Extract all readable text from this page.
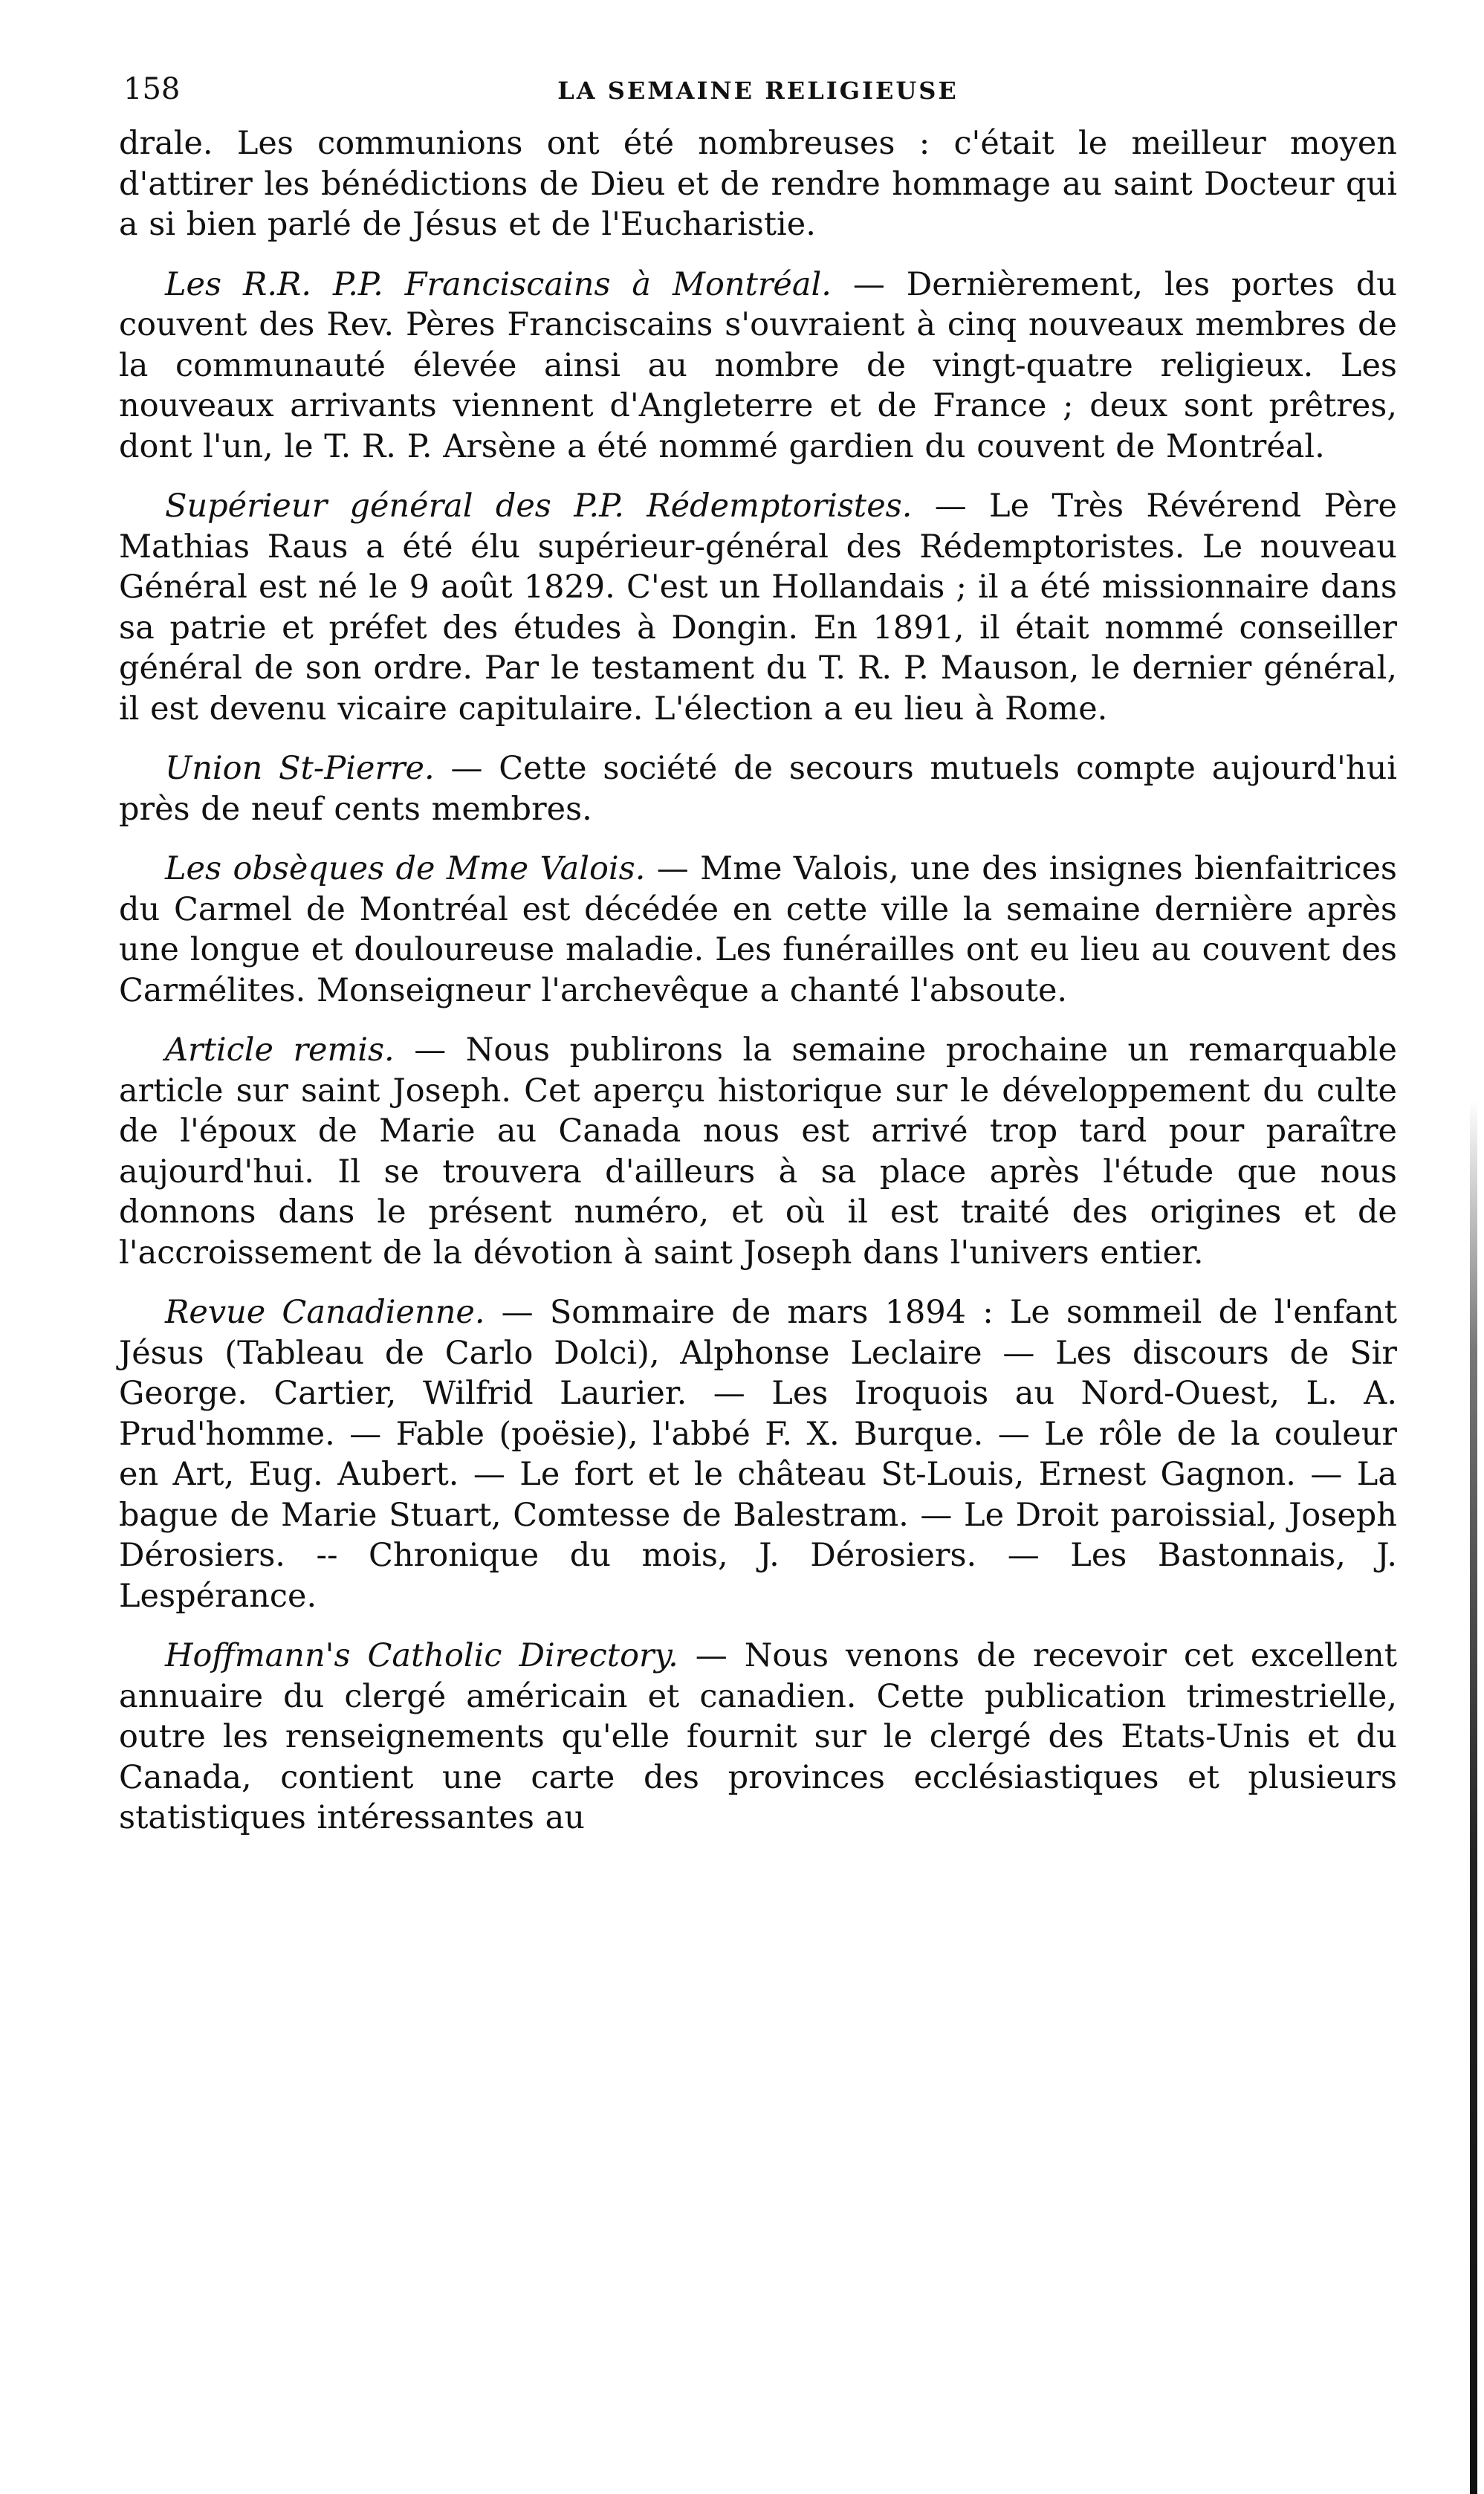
158	LA SEMAINE RELIGIEUSE

drale. Les communions ont été nombreuses : c'était le meilleur moyen d'attirer les bénédictions de Dieu et de rendre hommage au saint Docteur qui a si bien parlé de Jésus et de l'Eucharistie.

Les R.R. P.P. Franciscains à Montréal. — Dernièrement, les portes du couvent des Rev. Pères Franciscains s'ouvraient à cinq nouveaux membres de la communauté élevée ainsi au nombre de vingt-quatre religieux. Les nouveaux arrivants viennent d'Angleterre et de France ; deux sont prêtres, dont l'un, le T. R. P. Arsène a été nommé gardien du couvent de Montréal.

Supérieur général des P.P. Rédemptoristes. — Le Très Révérend Père Mathias Raus a été élu supérieur-général des Rédemptoristes. Le nouveau Général est né le 9 août 1829. C'est un Hollandais ; il a été missionnaire dans sa patrie et préfet des études à Dongin. En 1891, il était nommé conseiller général de son ordre. Par le testament du T. R. P. Mauson, le dernier général, il est devenu vicaire capitulaire. L'élection a eu lieu à Rome.

Union St-Pierre. — Cette société de secours mutuels compte aujourd'hui près de neuf cents membres.

Les obsèques de Mme Valois. — Mme Valois, une des insignes bienfaitrices du Carmel de Montréal est décédée en cette ville la semaine dernière après une longue et douloureuse maladie. Les funérailles ont eu lieu au couvent des Carmélites. Monseigneur l'archevêque a chanté l'absoute.

Article remis. — Nous publirons la semaine prochaine un remarquable article sur saint Joseph. Cet aperçu historique sur le développement du culte de l'époux de Marie au Canada nous est arrivé trop tard pour paraître aujourd'hui. Il se trouvera d'ailleurs à sa place après l'étude que nous donnons dans le présent numéro, et où il est traité des origines et de l'accroissement de la dévotion à saint Joseph dans l'univers entier.

Revue Canadienne. — Sommaire de mars 1894 : Le sommeil de l'enfant Jésus (Tableau de Carlo Dolci), Alphonse Leclaire — Les discours de Sir George. Cartier, Wilfrid Laurier. — Les Iroquois au Nord-Ouest, L. A. Prud'homme. — Fable (poësie), l'abbé F. X. Burque. — Le rôle de la couleur en Art, Eug. Aubert. — Le fort et le château St-Louis, Ernest Gagnon. — La bague de Marie Stuart, Comtesse de Balestram. — Le Droit paroissial, Joseph Dérosiers. -- Chronique du mois, J. Dérosiers. — Les Bastonnais, J. Lespérance.

Hoffmann's Catholic Directory. — Nous venons de recevoir cet excellent annuaire du clergé américain et canadien. Cette publication trimestrielle, outre les renseignements qu'elle fournit sur le clergé des Etats-Unis et du Canada, contient une carte des provinces ecclésiastiques et plusieurs statistiques intéressantes au
